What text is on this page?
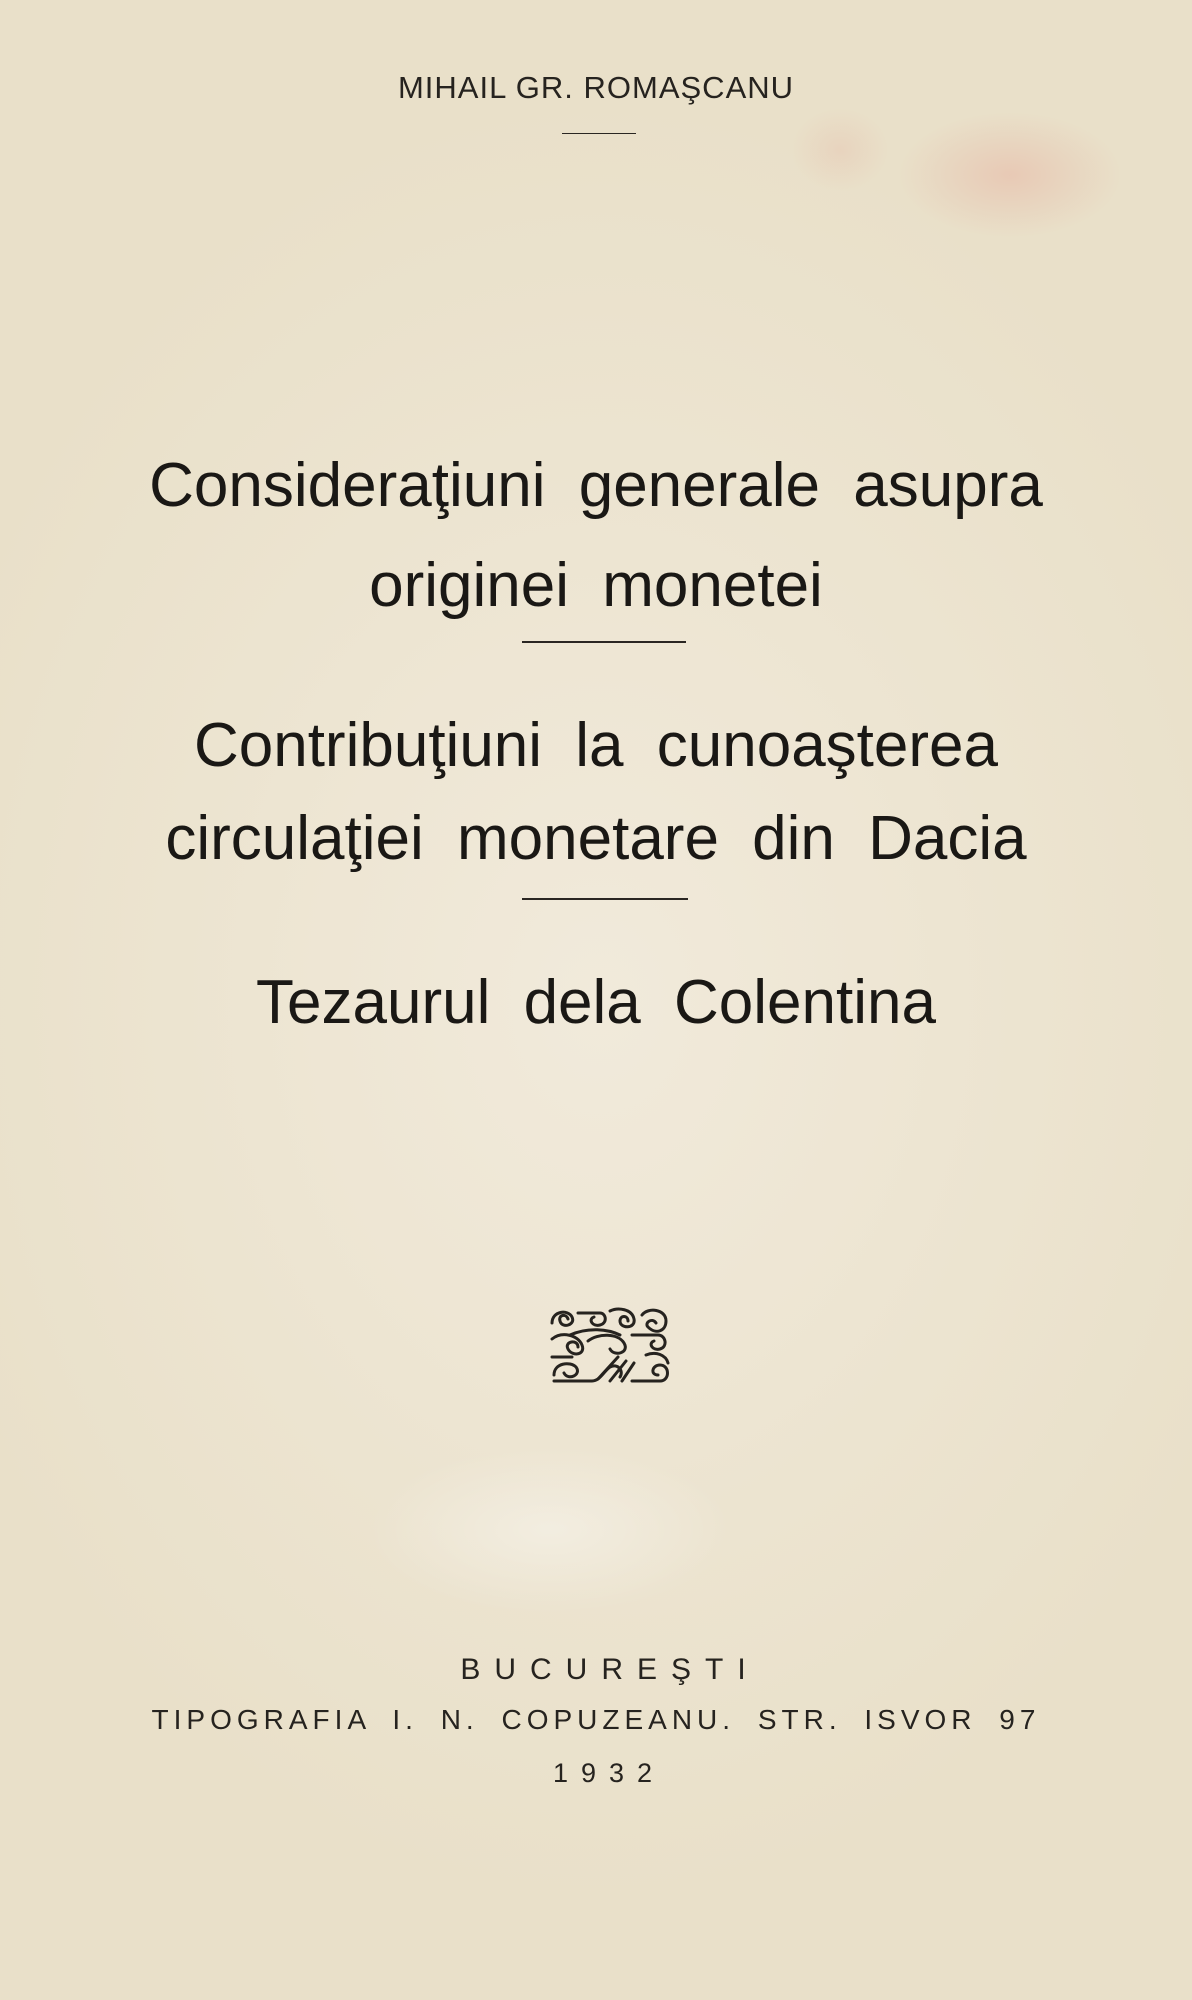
MIHAIL GR. ROMAŞCANU
Consideraţiuni generale asupra
originei monetei
Contribuţiuni la cunoaşterea
circulaţiei monetare din Dacia
Tezaurul dela Colentina
BUCUREŞTI
TIPOGRAFIA I. N. COPUZEANU. STR. ISVOR 97
1932
